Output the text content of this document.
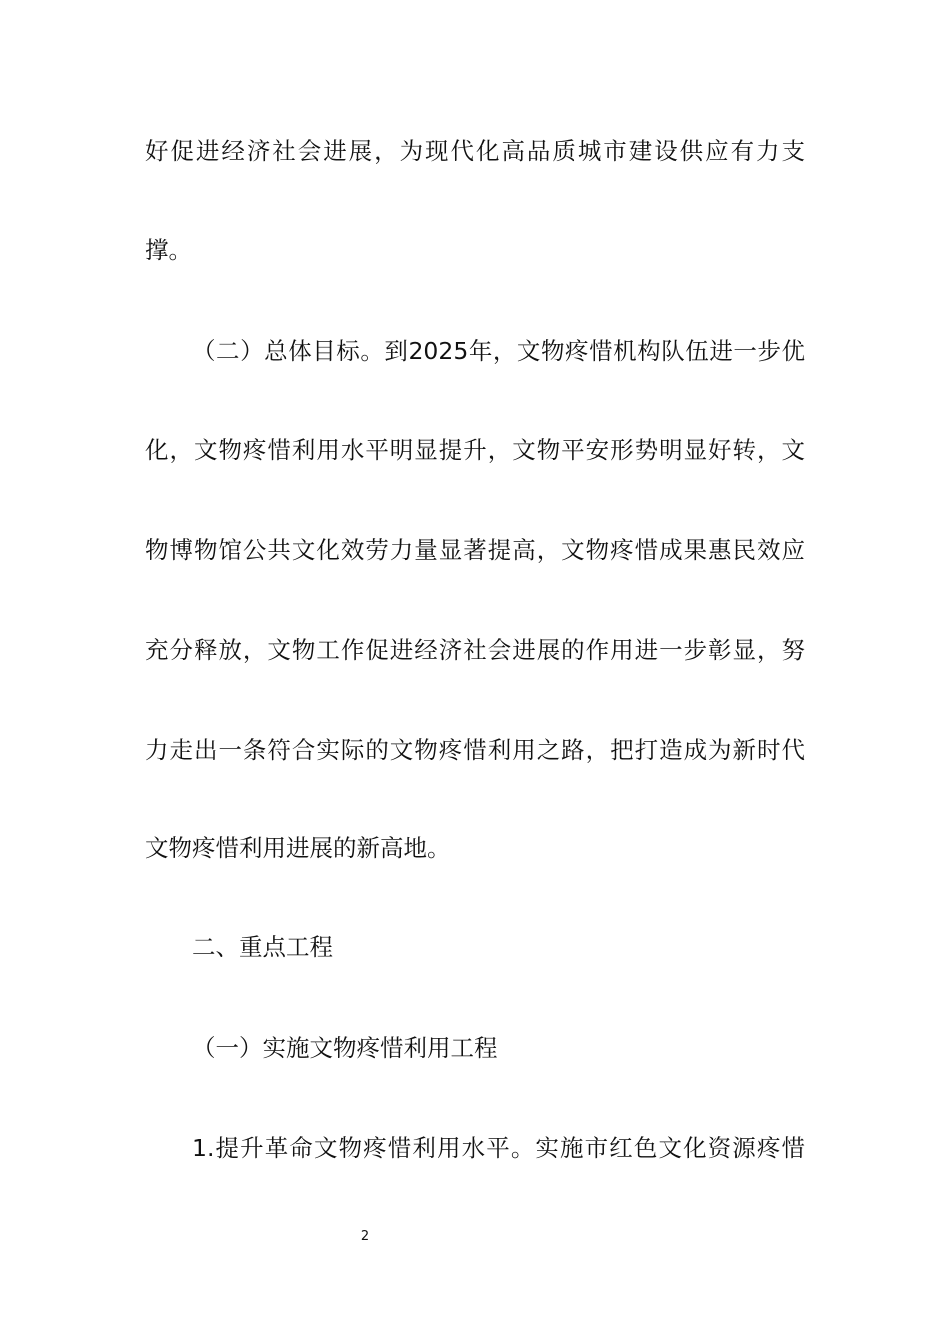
好促进经济社会进展，为现代化高品质城市建设供应有力支
撑。
（二）总体目标。到2025年，文物疼惜机构队伍进一步优
化，文物疼惜利用水平明显提升，文物平安形势明显好转，文
物博物馆公共文化效劳力量显著提高，文物疼惜成果惠民效应
充分释放，文物工作促进经济社会进展的作用进一步彰显，努
力走出一条符合实际的文物疼惜利用之路，把打造成为新时代
文物疼惜利用进展的新高地。
二、重点工程
（一）实施文物疼惜利用工程
1.提升革命文物疼惜利用水平。实施市红色文化资源疼惜
2
